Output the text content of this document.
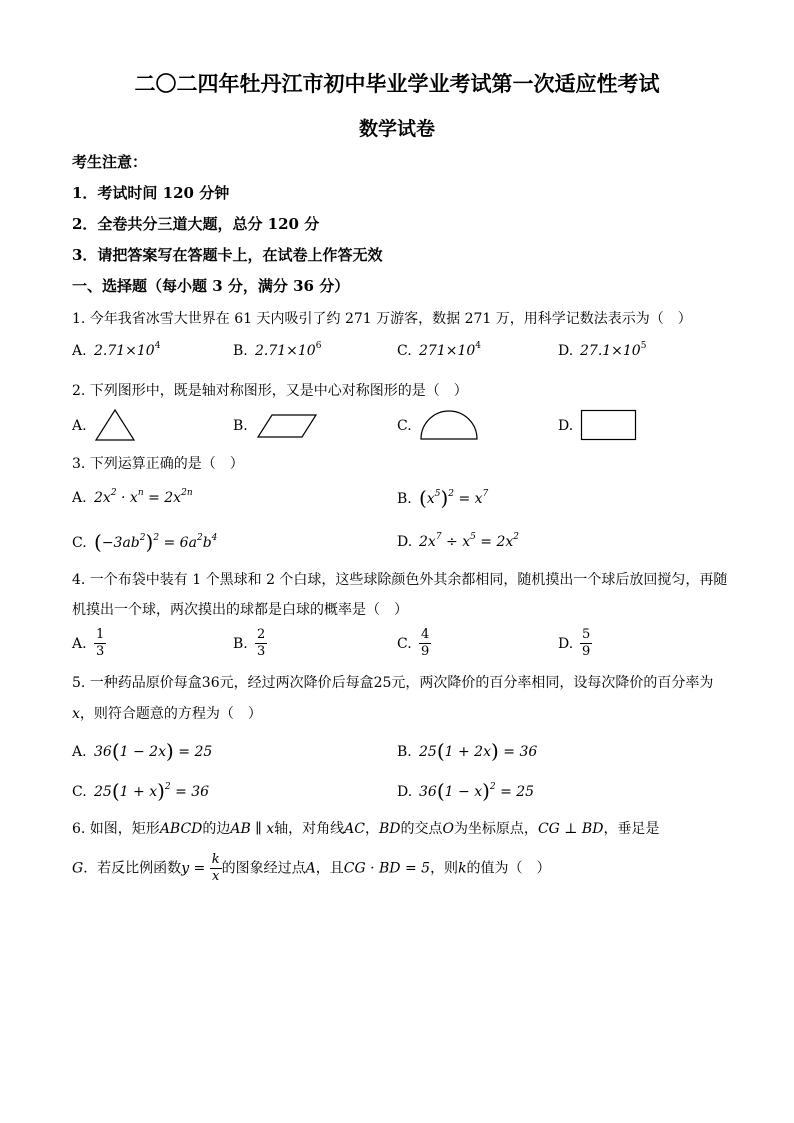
二〇二四年牡丹江市初中毕业学业考试第一次适应性考试
数学试卷
考生注意：
1．考试时间 120 分钟
2．全卷共分三道大题，总分 120 分
3．请把答案写在答题卡上，在试卷上作答无效
一、选择题（每小题 3 分，满分 36 分）
1. 今年我省冰雪大世界在 61 天内吸引了约 271 万游客，数据 271 万，用科学记数法表示为（　）
A. $2.71\times 10^4$	B. $2.71\times 10^6$	C. $271\times 10^4$	D. $27.1\times 10^5$
2. 下列图形中，既是轴对称图形，又是中心对称图形的是（　）
A.	B.	C.	D.
3. 下列运算正确的是（　）
A. $2x^2 \cdot x^n = 2x^{2n}$	B. $(x^5)^2 = x^7$
C. $(-3ab^2)^2 = 6a^2b^4$	D. $2x^7 \div x^5 = 2x^2$
4. 一个布袋中装有 1 个黑球和 2 个白球，这些球除颜色外其余都相同，随机摸出一个球后放回搅匀，再随
机摸出一个球，两次摸出的球都是白球的概率是（　）
A. $\frac{1}{3}$	B. $\frac{2}{3}$	C. $\frac{4}{9}$	D. $\frac{5}{9}$
5. 一种药品原价每盒36元，经过两次降价后每盒25元，两次降价的百分率相同，设每次降价的百分率为
x，则符合题意的方程为（　）
A. 36(1 − 2x) = 25	B. 25(1 + 2x) = 36
C. $25(1 + x)^2 = 36$	D. $36(1 - x)^2 = 25$
6. 如图，矩形ABCD的边AB ∥ x轴，对角线AC，BD的交点O为坐标原点，CG ⊥ BD，垂足是
G．若反比例函数$y = \frac{k}{x}$ 的图象经过点A，且CG · BD = 5，则k的值为（　）
